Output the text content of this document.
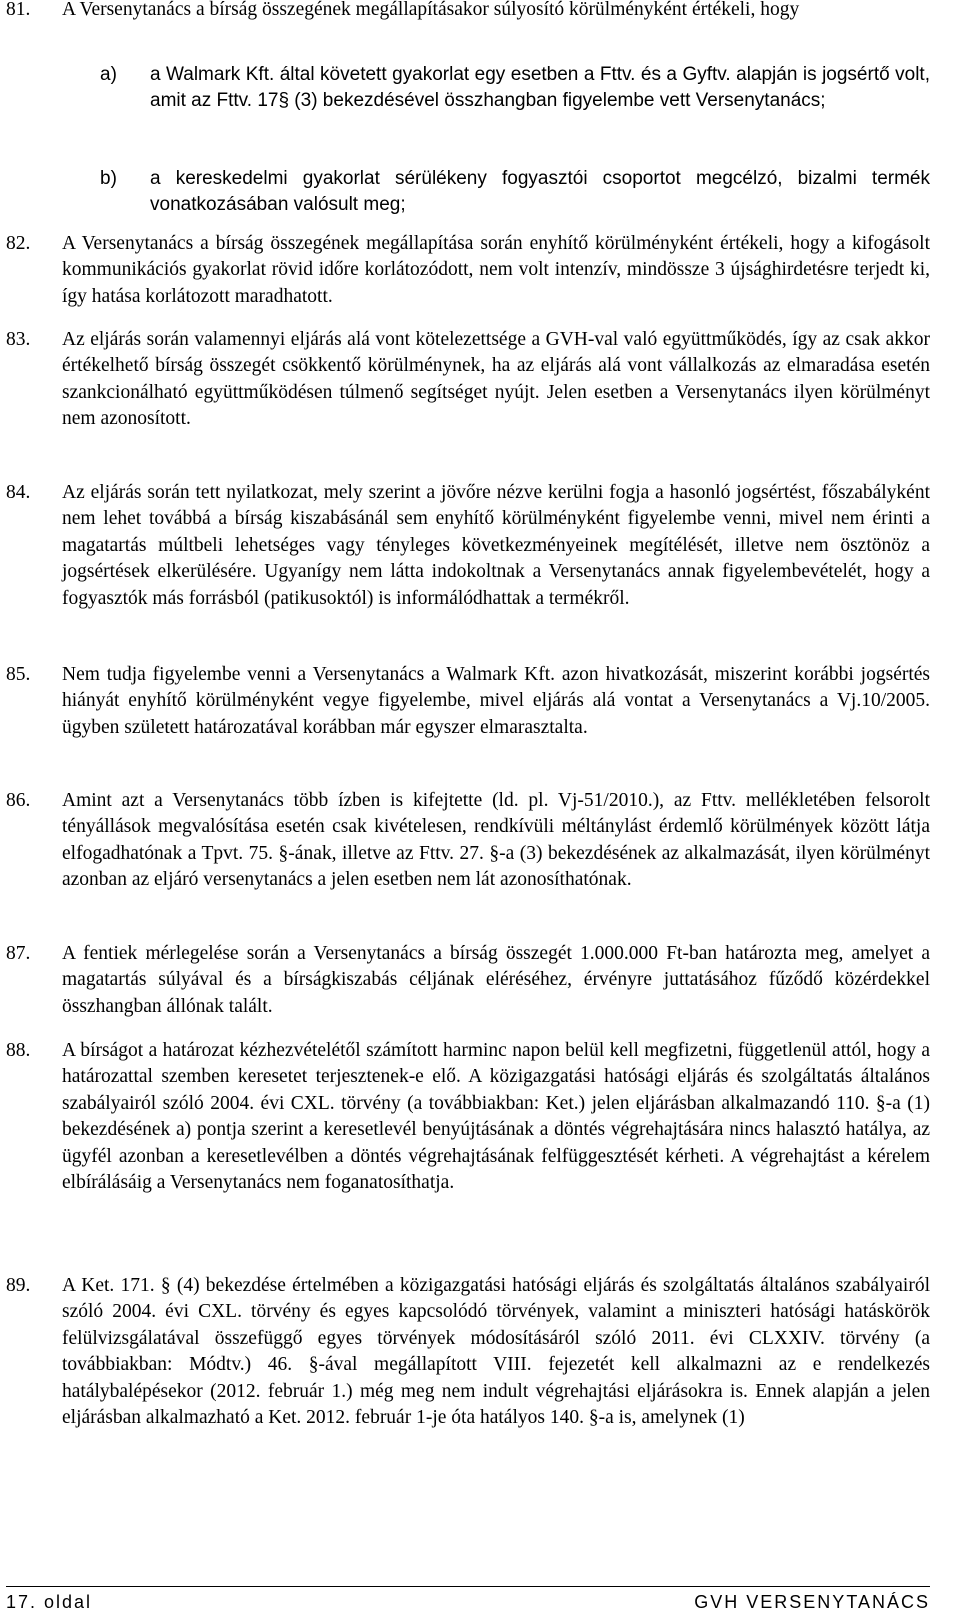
81.	A Versenytanács a bírság összegének megállapításakor súlyosító körülményként értékeli, hogy
a)	a Walmark Kft. által követett gyakorlat egy esetben a Fttv. és a Gyftv. alapján is jogsértő volt, amit az Fttv. 17§ (3) bekezdésével összhangban figyelembe vett Versenytanács;
b)	a kereskedelmi gyakorlat sérülékeny fogyasztói csoportot megcélzó, bizalmi termék vonatkozásában valósult meg;
82.	A Versenytanács a bírság összegének megállapítása során enyhítő körülményként értékeli, hogy a kifogásolt kommunikációs gyakorlat rövid időre korlátozódott, nem volt intenzív, mindössze 3 újsághirdetésre terjedt ki, így hatása korlátozott maradhatott.
83.	Az eljárás során valamennyi eljárás alá vont kötelezettsége a GVH-val való együttműködés, így az csak akkor értékelhető bírság összegét csökkentő körülménynek, ha az eljárás alá vont vállalkozás az elmaradása esetén szankcionálható együttműködésen túlmenő segítséget nyújt. Jelen esetben a Versenytanács ilyen körülményt nem azonosított.
84.	Az eljárás során tett nyilatkozat, mely szerint a jövőre nézve kerülni fogja a hasonló jogsértést, főszabályként nem lehet továbbá a bírság kiszabásánál sem enyhítő körülményként figyelembe venni, mivel nem érinti a magatartás múltbeli lehetséges vagy tényleges következményeinek megítélését, illetve nem ösztönöz a jogsértések elkerülésére. Ugyanígy nem látta indokoltnak a Versenytanács annak figyelembevételét, hogy a fogyasztók más forrásból (patikusoktól) is informálódhattak a termékről.
85.	Nem tudja figyelembe venni a Versenytanács a Walmark Kft. azon hivatkozását, miszerint korábbi jogsértés hiányát enyhítő körülményként vegye figyelembe, mivel eljárás alá vontat a Versenytanács a Vj.10/2005. ügyben született határozatával korábban már egyszer elmarasztalta.
86.	Amint azt a Versenytanács több ízben is kifejtette (ld. pl. Vj-51/2010.), az Fttv. mellékletében felsorolt tényállások megvalósítása esetén csak kivételesen, rendkívüli méltánylást érdemlő körülmények között látja elfogadhatónak a Tpvt. 75. §-ának, illetve az Fttv. 27. §-a (3) bekezdésének az alkalmazását, ilyen körülményt azonban az eljáró versenytanács a jelen esetben nem lát azonosíthatónak.
87.	A fentiek mérlegelése során a Versenytanács a bírság összegét 1.000.000 Ft-ban határozta meg, amelyet a magatartás súlyával és a bírságkiszabás céljának eléréséhez, érvényre juttatásához fűződő közérdekkel összhangban állónak talált.
88.	A bírságot a határozat kézhezvételétől számított harminc napon belül kell megfizetni, függetlenül attól, hogy a határozattal szemben keresetet terjesztenek-e elő. A közigazgatási hatósági eljárás és szolgáltatás általános szabályairól szóló 2004. évi CXL. törvény (a továbbiakban: Ket.) jelen eljárásban alkalmazandó 110. §-a (1) bekezdésének a) pontja szerint a keresetlevél benyújtásának a döntés végrehajtására nincs halasztó hatálya, az ügyfél azonban a keresetlevélben a döntés végrehajtásának felfüggesztését kérheti. A végrehajtást a kérelem elbírálásáig a Versenytanács nem foganatosíthatja.
89.	A Ket. 171. § (4) bekezdése értelmében a közigazgatási hatósági eljárás és szolgáltatás általános szabályairól szóló 2004. évi CXL. törvény és egyes kapcsolódó törvények, valamint a miniszteri hatósági hatáskörök felülvizsgálatával összefüggő egyes törvények módosításáról szóló 2011. évi CLXXIV. törvény (a továbbiakban: Módtv.) 46. §-ával megállapított VIII. fejezetét kell alkalmazni az e rendelkezés hatálybalépésekor (2012. február 1.) még meg nem indult végrehajtási eljárásokra is. Ennek alapján a jelen eljárásban alkalmazható a Ket. 2012. február 1-je óta hatályos 140. §-a is, amelynek (1)
17. oldal	GVH VERSENYTANÁCS
